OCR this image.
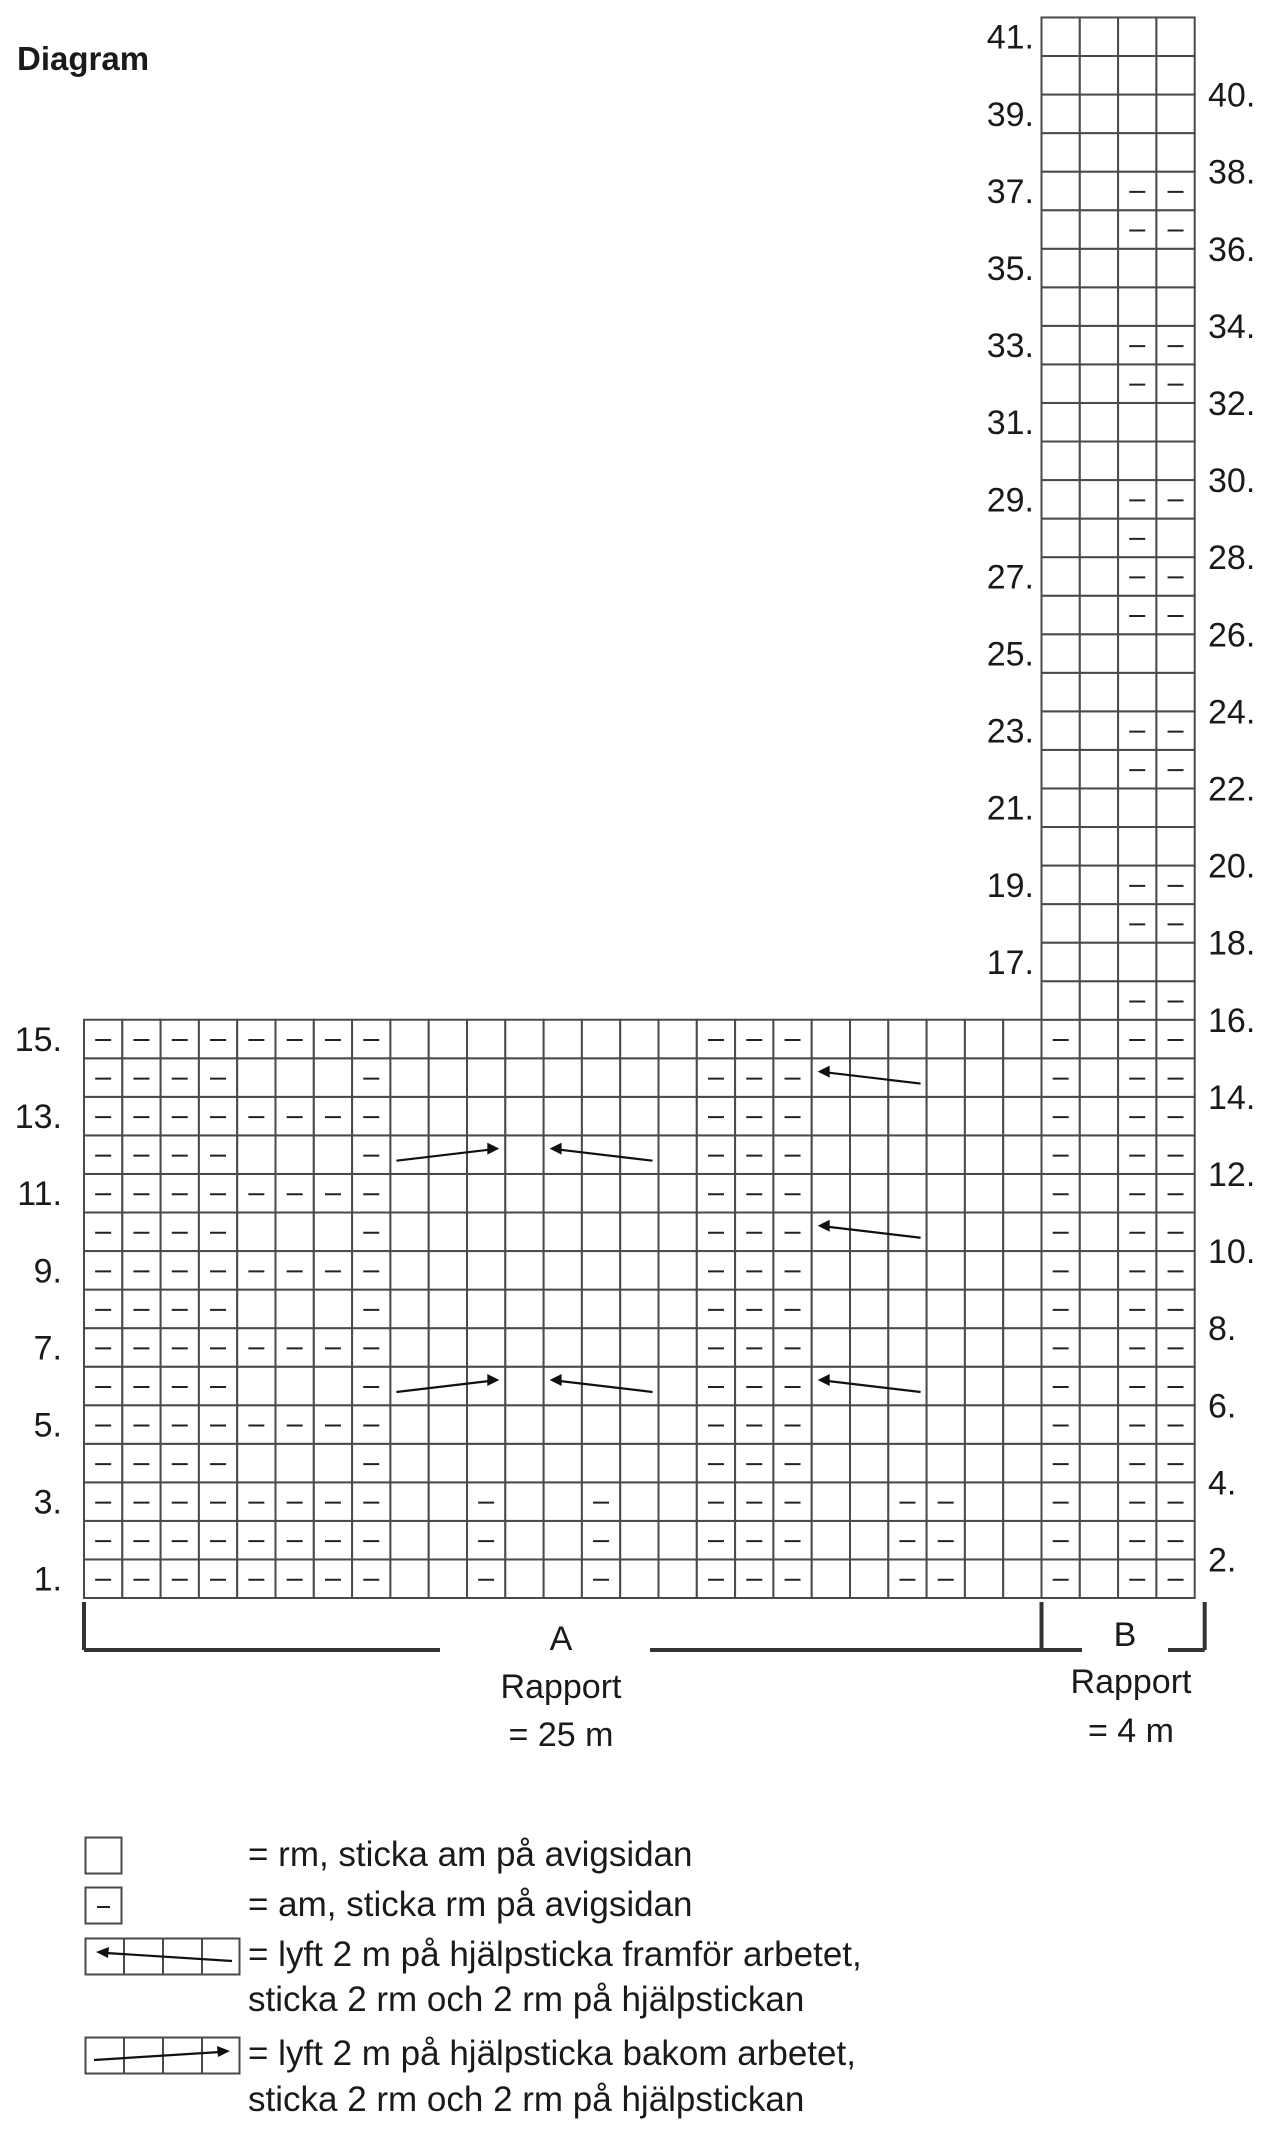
Diagram
1.
3.
5.
7.
9.
11.
13.
15.
17.
19.
21.
23.
25.
27.
29.
31.
33.
35.
37.
39.
41.
2.
4.
6.
8.
10.
12.
14.
16.
18.
20.
22.
24.
26.
28.
30.
32.
34.
36.
38.
40.
A
Rapport
= 25 m
B
Rapport
= 4 m
= rm, sticka am på avigsidan
= am, sticka rm på avigsidan
= lyft 2 m på hjälpsticka framför arbetet,
sticka 2 rm och 2 rm på hjälpstickan
= lyft 2 m på hjälpsticka bakom arbetet,
sticka 2 rm och 2 rm på hjälpstickan
